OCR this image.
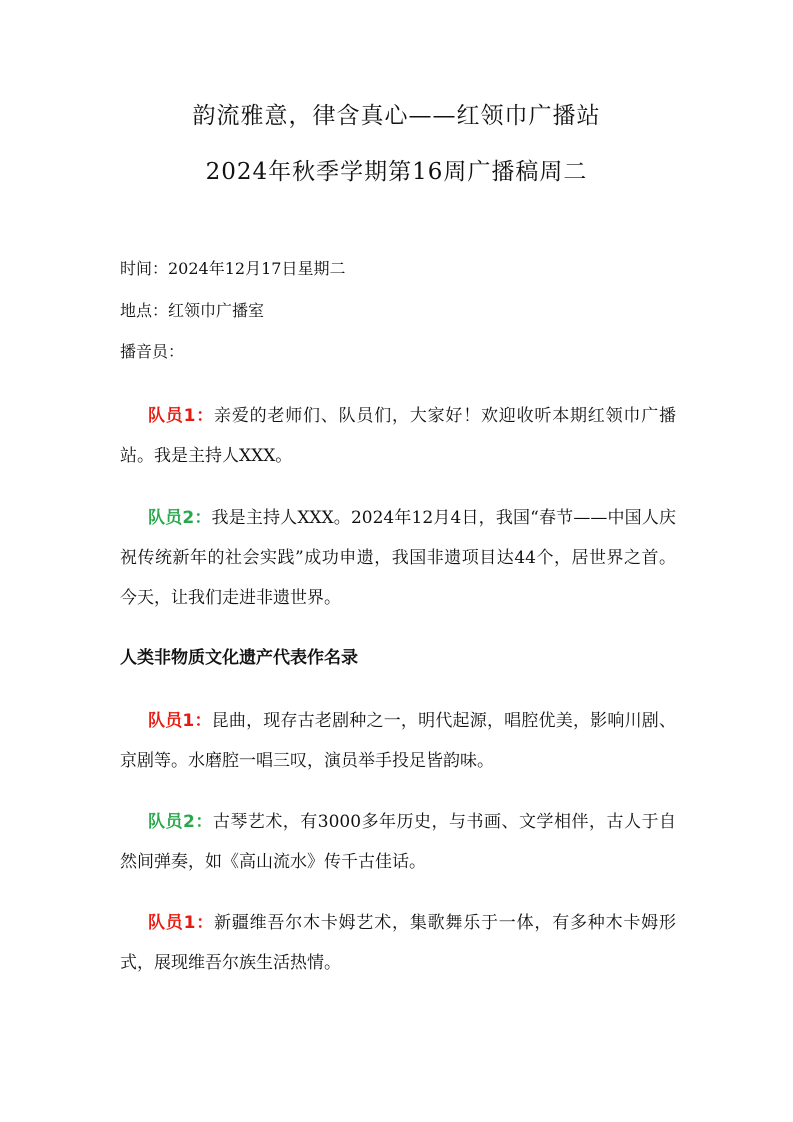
韵流雅意，律含真心——红领巾广播站
2024年秋季学期第16周广播稿周二
时间：2024年12月17日星期二
地点：红领巾广播室
播音员：

队员1：亲爱的老师们、队员们，大家好！欢迎收听本期红领巾广播站。我是主持人XXX。

队员2：我是主持人XXX。2024年12月4日，我国“春节——中国人庆祝传统新年的社会实践”成功申遗，我国非遗项目达44个，居世界之首。今天，让我们走进非遗世界。

人类非物质文化遗产代表作名录

队员1：昆曲，现存古老剧种之一，明代起源，唱腔优美，影响川剧、京剧等。水磨腔一唱三叹，演员举手投足皆韵味。

队员2：古琴艺术，有3000多年历史，与书画、文学相伴，古人于自然间弹奏，如《高山流水》传千古佳话。

队员1：新疆维吾尔木卡姆艺术，集歌舞乐于一体，有多种木卡姆形式，展现维吾尔族生活热情。
